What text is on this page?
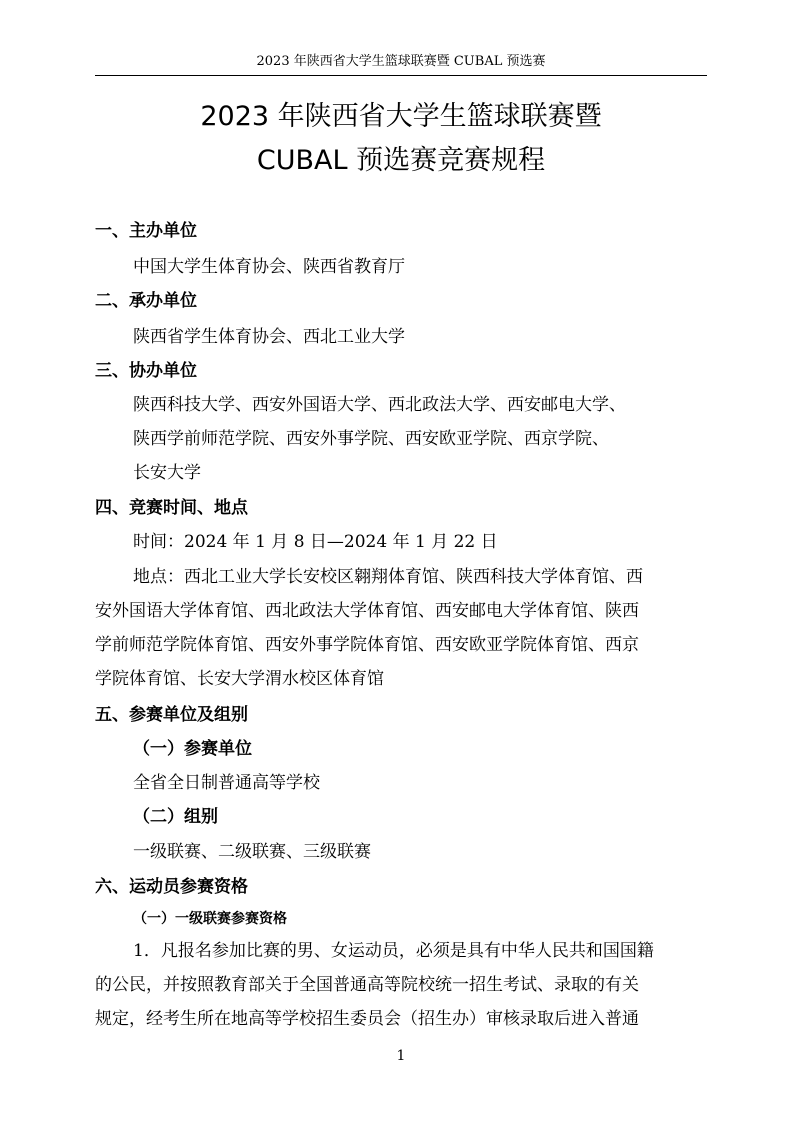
2023 年陕西省大学生篮球联赛暨 CUBAL 预选赛
2023 年陕西省大学生篮球联赛暨
CUBAL 预选赛竞赛规程
一、主办单位
中国大学生体育协会、陕西省教育厅
二、承办单位
陕西省学生体育协会、西北工业大学
三、协办单位
陕西科技大学、西安外国语大学、西北政法大学、西安邮电大学、
陕西学前师范学院、西安外事学院、西安欧亚学院、西京学院、
长安大学
四、竞赛时间、地点
时间：2024 年 1 月 8 日—2024 年 1 月 22 日
地点：西北工业大学长安校区翱翔体育馆、陕西科技大学体育馆、西
安外国语大学体育馆、西北政法大学体育馆、西安邮电大学体育馆、陕西
学前师范学院体育馆、西安外事学院体育馆、西安欧亚学院体育馆、西京
学院体育馆、长安大学渭水校区体育馆
五、参赛单位及组别
（一）参赛单位
全省全日制普通高等学校
（二）组别
一级联赛、二级联赛、三级联赛
六、运动员参赛资格
（一）一级联赛参赛资格
1．凡报名参加比赛的男、女运动员，必须是具有中华人民共和国国籍
的公民，并按照教育部关于全国普通高等院校统一招生考试、录取的有关
规定，经考生所在地高等学校招生委员会（招生办）审核录取后进入普通
1
